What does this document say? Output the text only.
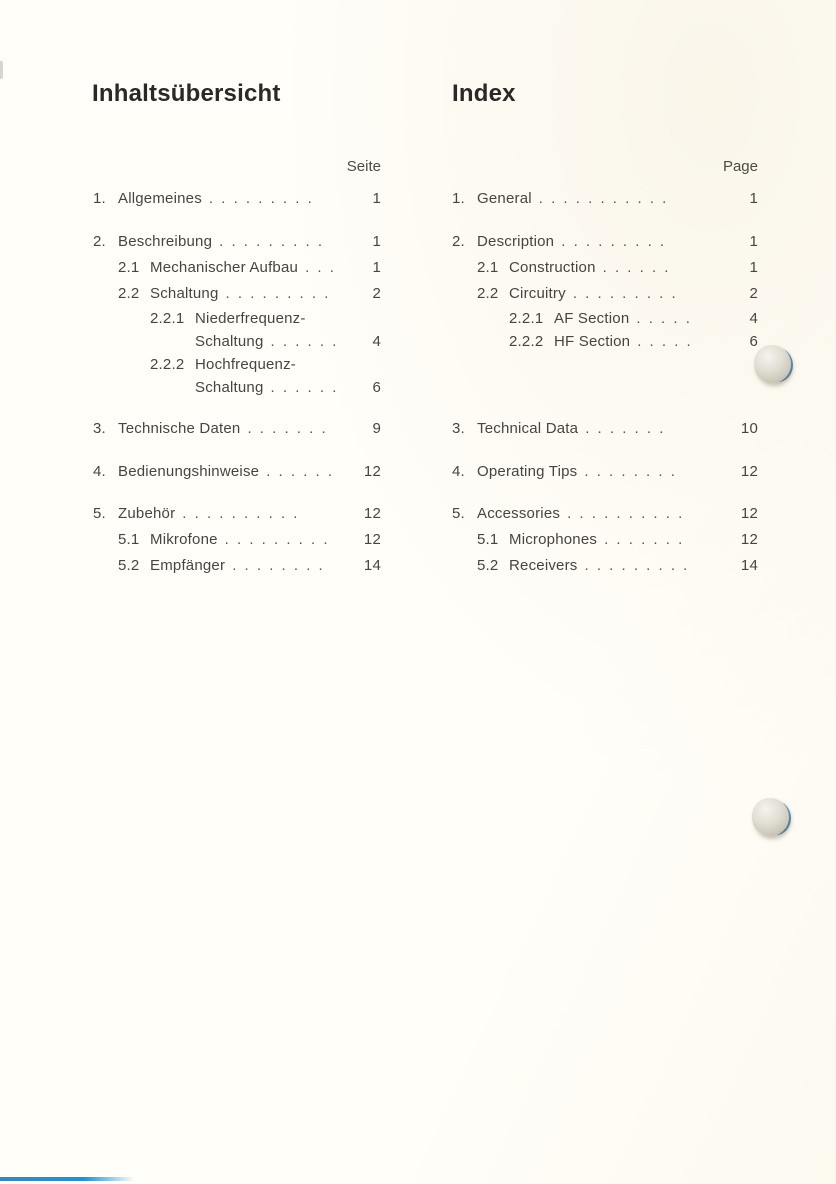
Inhaltsübersicht	Index
Seite	Page
1. Allgemeines . . . . . . . . .	1
2. Beschreibung . . . . . . . . .	1
2.1 Mechanischer Aufbau . . . 1
2.2 Schaltung . . . . . . . . .	2
2.2.1 Niederfrequenz-
Schaltung . . . . . .	4
2.2.2 Hochfrequenz-
Schaltung . . . . . .	6
3. Technische Daten . . . . . . .	9
4. Bedienungshinweise . . . . . . 12
5. Zubehör . . . . . . . . . .	12
5.1 Mikrofone . . . . . . . . . 12
5.2 Empfänger . . . . . . . .	14
1. General . . . . . . . . . . .	1
2. Description . . . . . . . . .	1
2.1 Construction . . . . . .	1
2.2 Circuitry . . . . . . . . .	2
2.2.1 AF Section . . . . .	4
2.2.2 HF Section . . . . .	6
3. Technical Data . . . . . . .	10
4. Operating Tips . . . . . . . .	12
5. Accessories . . . . . . . . . .	12
5.1 Microphones . . . . . . .	12
5.2 Receivers . . . . . . . . .	14
